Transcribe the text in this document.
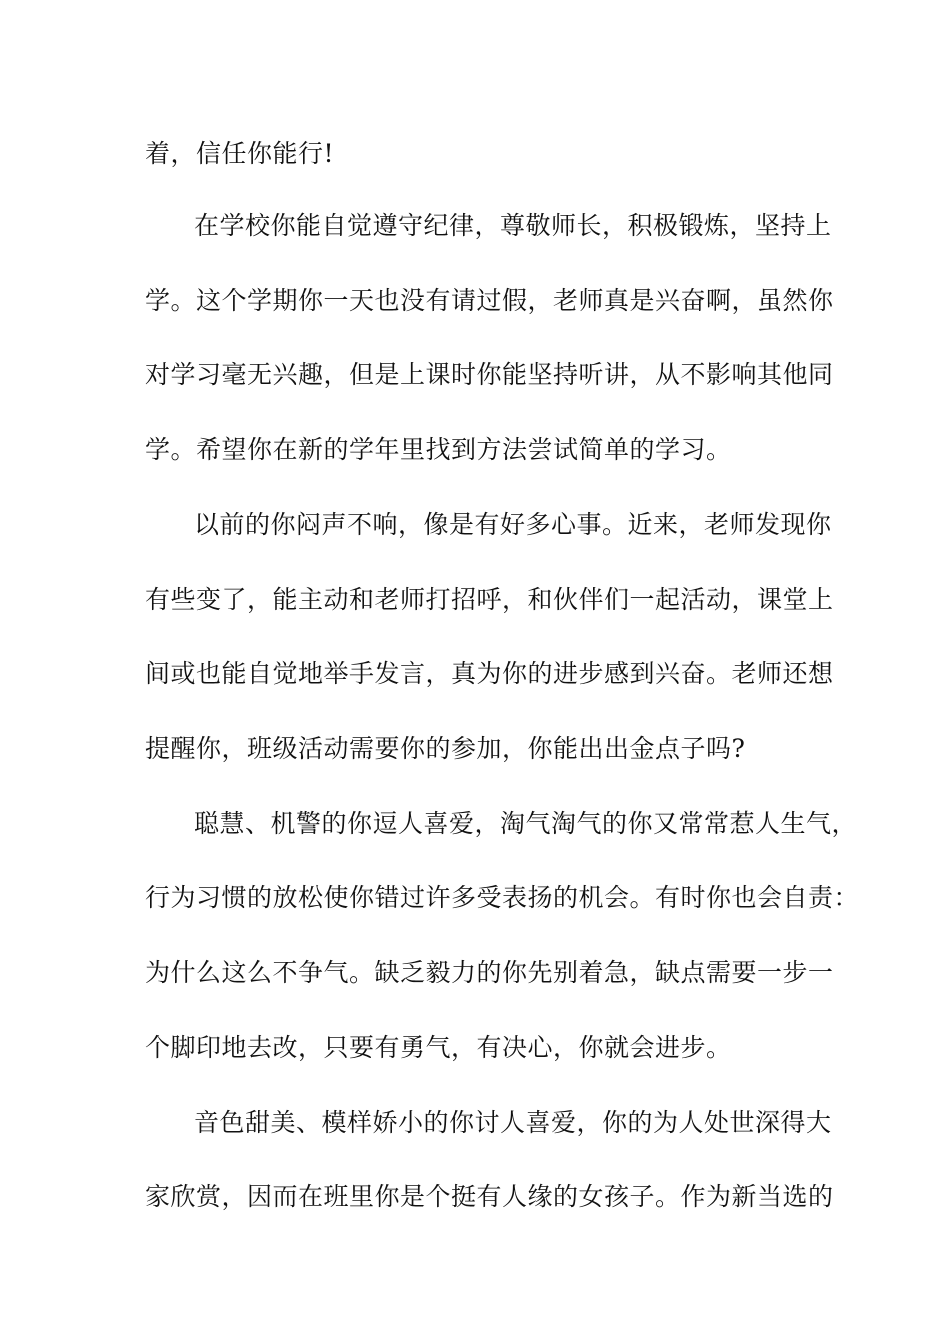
着，信任你能行!
在学校你能自觉遵守纪律，尊敬师长，积极锻炼，坚持上
学。这个学期你一天也没有请过假，老师真是兴奋啊，虽然你
对学习毫无兴趣，但是上课时你能坚持听讲，从不影响其他同
学。希望你在新的学年里找到方法尝试简单的学习。
以前的你闷声不响，像是有好多心事。近来，老师发现你
有些变了，能主动和老师打招呼，和伙伴们一起活动，课堂上
间或也能自觉地举手发言，真为你的进步感到兴奋。老师还想
提醒你，班级活动需要你的参加，你能出出金点子吗?
聪慧、机警的你逗人喜爱，淘气淘气的你又常常惹人生气，
行为习惯的放松使你错过许多受表扬的机会。有时你也会自责：
为什么这么不争气。缺乏毅力的你先别着急，缺点需要一步一
个脚印地去改，只要有勇气，有决心，你就会进步。
音色甜美、模样娇小的你讨人喜爱，你的为人处世深得大
家欣赏，因而在班里你是个挺有人缘的女孩子。作为新当选的
